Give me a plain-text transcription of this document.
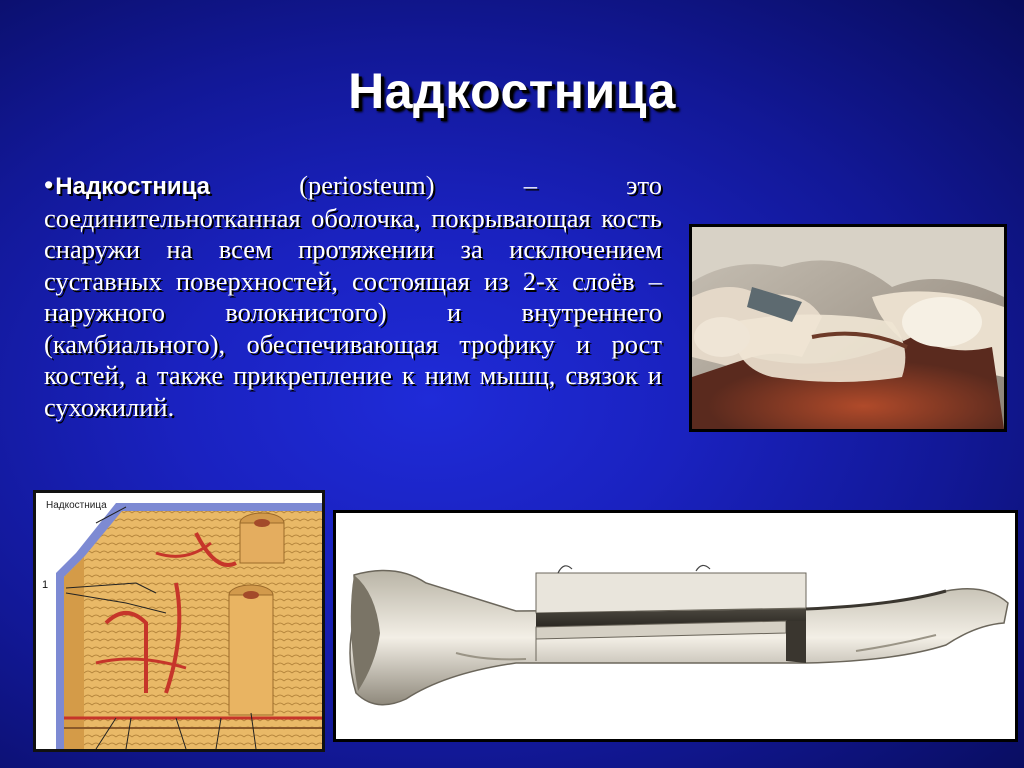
Надкостница
•Надкостница (periosteum) – это соединительнотканная оболочка, покрывающая кость снаружи на всем протяжении за исключением суставных поверхностей, состоящая из 2-х слоёв – наружного волокнистого) и внутреннего (камбиального), обеспечивающая трофику и рост костей, а также прикрепление к ним мышц, связок и сухожилий.
Надкостница
1
